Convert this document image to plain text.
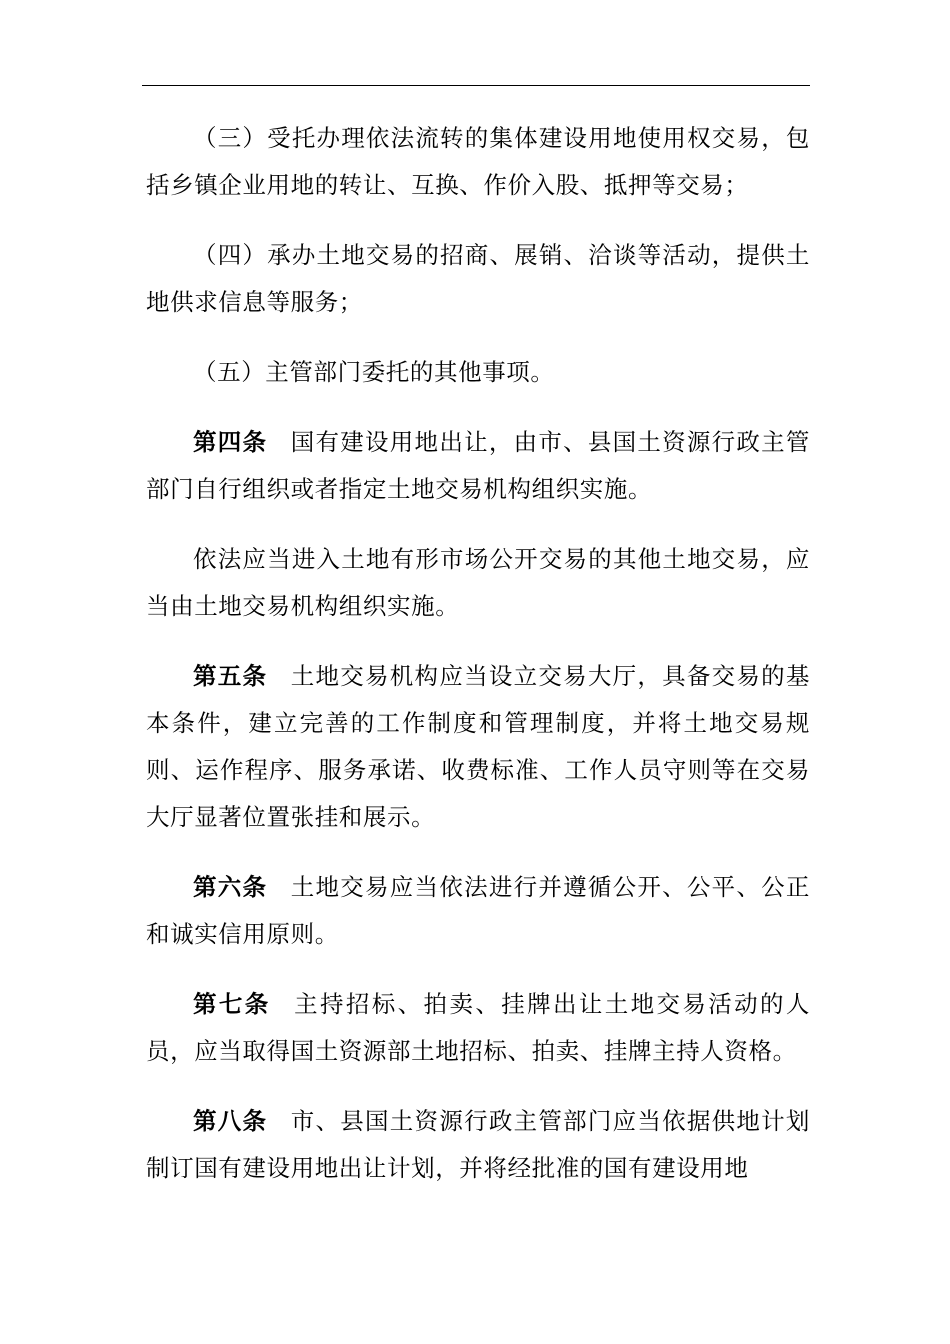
（三）受托办理依法流转的集体建设用地使用权交易，包括乡镇企业用地的转让、互换、作价入股、抵押等交易；

（四）承办土地交易的招商、展销、洽谈等活动，提供土地供求信息等服务；

（五）主管部门委托的其他事项。

第四条 国有建设用地出让，由市、县国土资源行政主管部门自行组织或者指定土地交易机构组织实施。

依法应当进入土地有形市场公开交易的其他土地交易，应当由土地交易机构组织实施。

第五条 土地交易机构应当设立交易大厅，具备交易的基本条件，建立完善的工作制度和管理制度，并将土地交易规则、运作程序、服务承诺、收费标准、工作人员守则等在交易大厅显著位置张挂和展示。

第六条 土地交易应当依法进行并遵循公开、公平、公正和诚实信用原则。

第七条 主持招标、拍卖、挂牌出让土地交易活动的人员，应当取得国土资源部土地招标、拍卖、挂牌主持人资格。

第八条 市、县国土资源行政主管部门应当依据供地计划制订国有建设用地出让计划，并将经批准的国有建设用地
